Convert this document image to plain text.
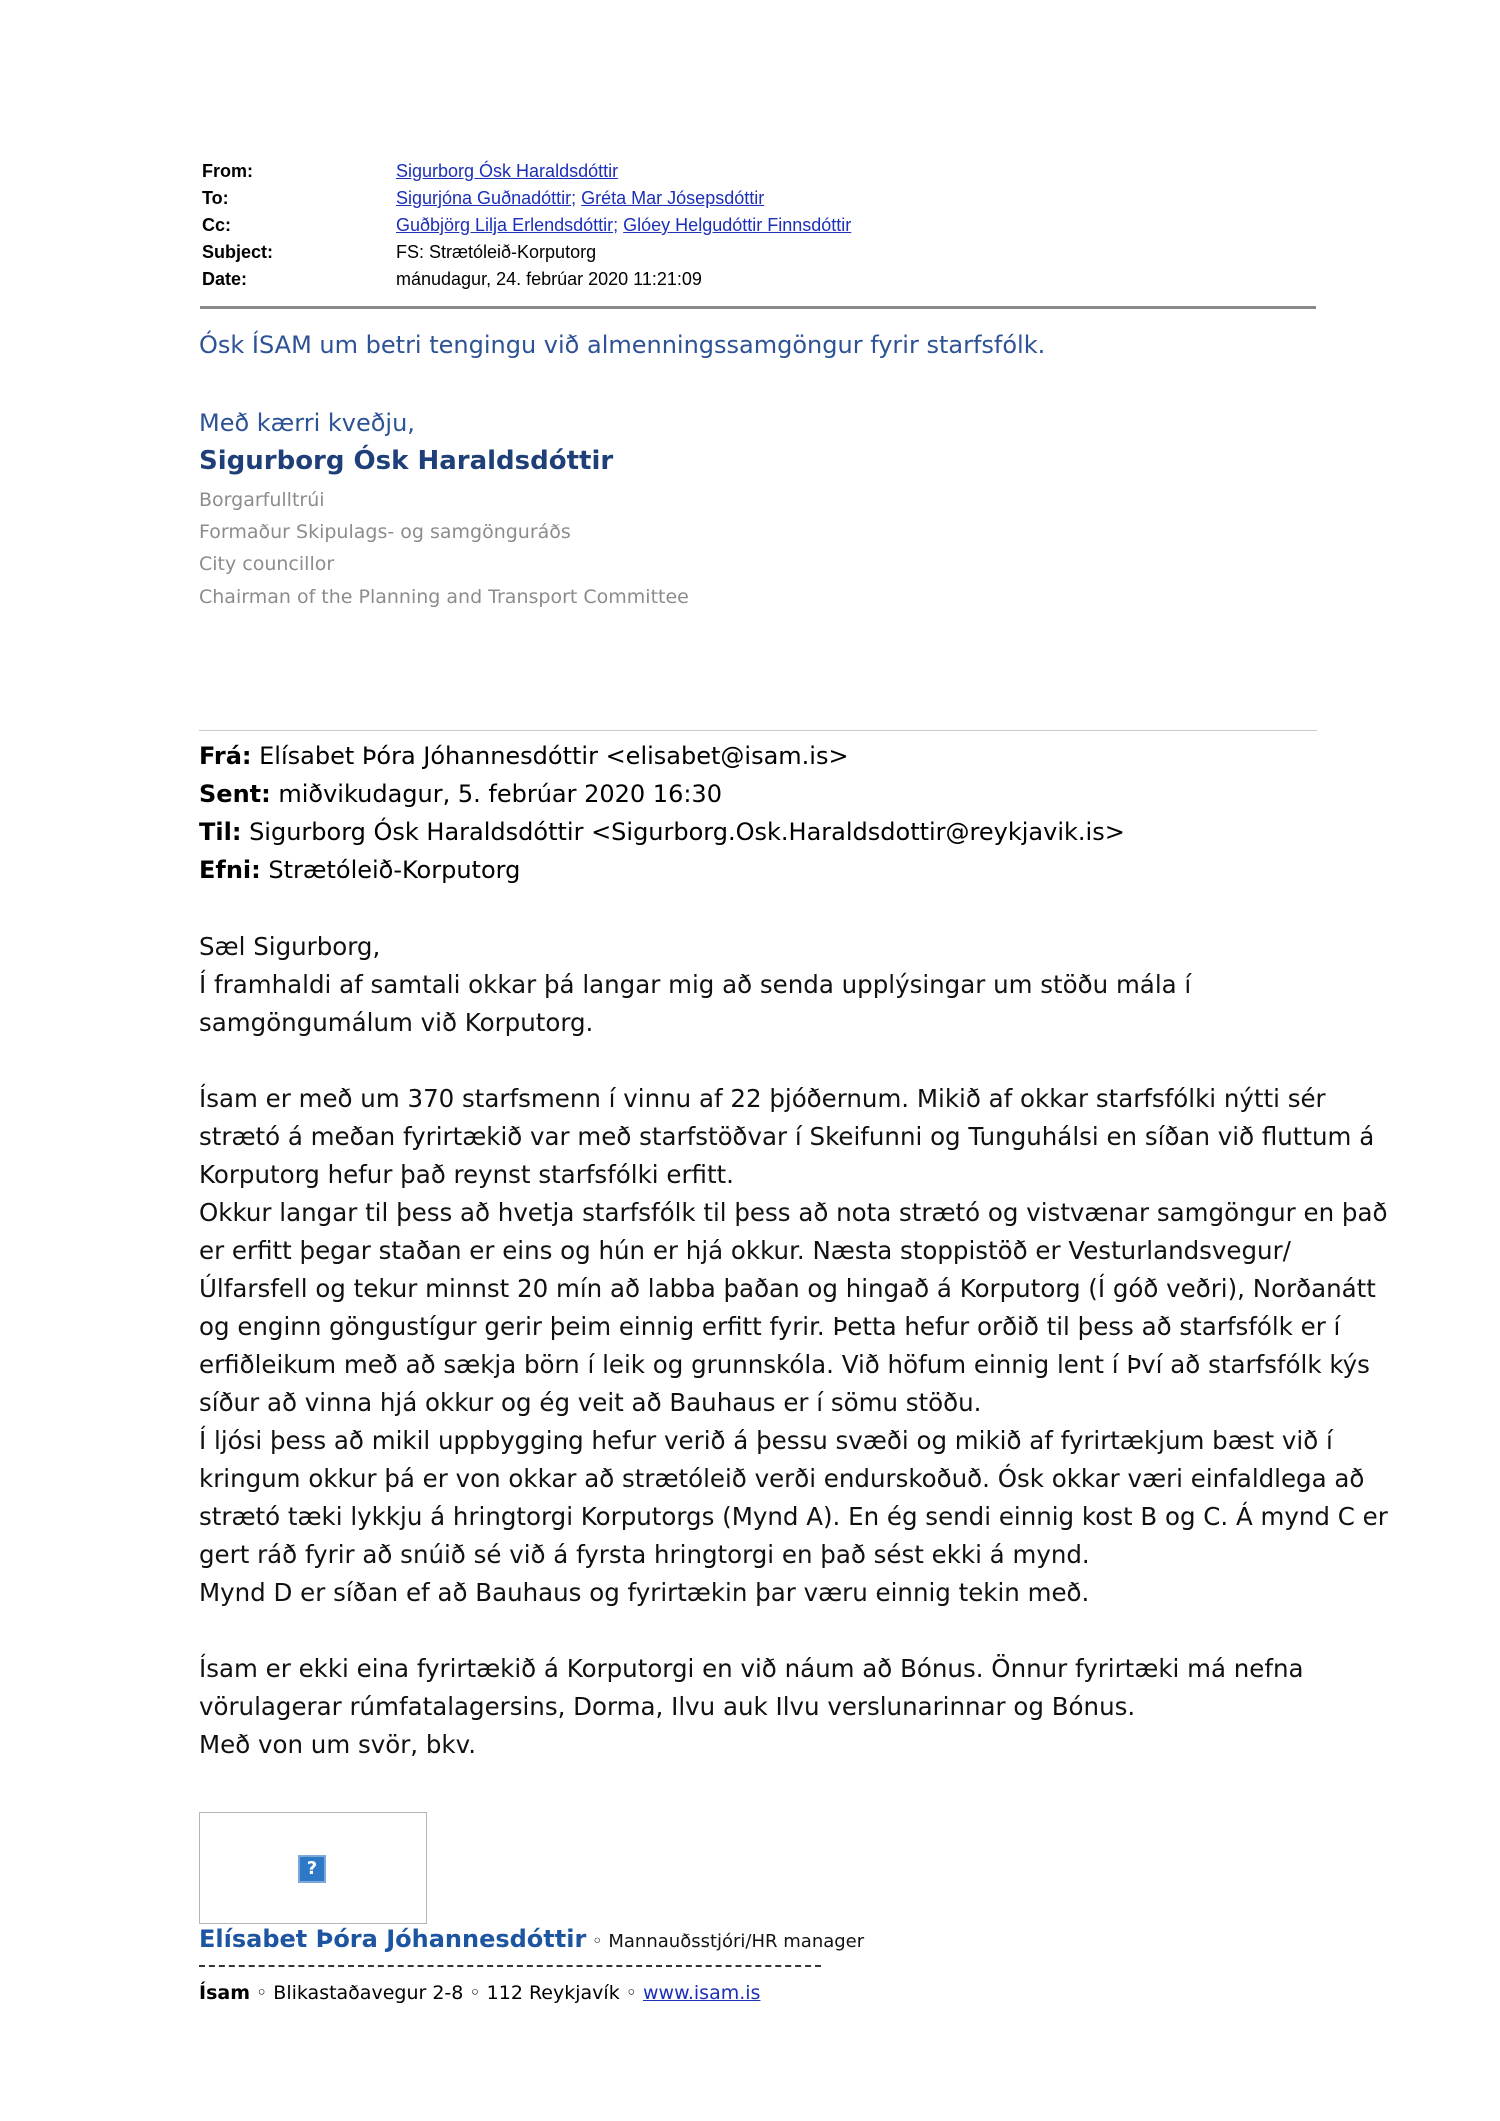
From:	Sigurborg Ósk Haraldsdóttir
To:	Sigurjóna Guðnadóttir; Gréta Mar Jósepsdóttir
Cc:	Guðbjörg Lilja Erlendsdóttir; Glóey Helgudóttir Finnsdóttir
Subject:	FS: Strætóleið-Korputorg
Date:	mánudagur, 24. febrúar 2020 11:21:09
Ósk ÍSAM um betri tengingu við almenningssamgöngur fyrir starfsfólk.
Með kærri kveðju,
Sigurborg Ósk Haraldsdóttir
Borgarfulltrúi
Formaður Skipulags- og samgönguráðs
City councillor
Chairman of the Planning and Transport Committee
Frá: Elísabet Þóra Jóhannesdóttir <elisabet@isam.is>
Sent: miðvikudagur, 5. febrúar 2020 16:30
Til: Sigurborg Ósk Haraldsdóttir <Sigurborg.Osk.Haraldsdottir@reykjavik.is>
Efni: Strætóleið-Korputorg
Sæl Sigurborg,
Í framhaldi af samtali okkar þá langar mig að senda upplýsingar um stöðu mála í
samgöngumálum við Korputorg.
Ísam er með um 370 starfsmenn í vinnu af 22 þjóðernum. Mikið af okkar starfsfólki nýtti sér
strætó á meðan fyrirtækið var með starfstöðvar í Skeifunni og Tunguhálsi en síðan við fluttum á
Korputorg hefur það reynst starfsfólki erfitt.
Okkur langar til þess að hvetja starfsfólk til þess að nota strætó og vistvænar samgöngur en það
er erfitt þegar staðan er eins og hún er hjá okkur. Næsta stoppistöð er Vesturlandsvegur/
Úlfarsfell og tekur minnst 20 mín að labba þaðan og hingað á Korputorg (Í góð veðri), Norðanátt
og enginn göngustígur gerir þeim einnig erfitt fyrir. Þetta hefur orðið til þess að starfsfólk er í
erfiðleikum með að sækja börn í leik og grunnskóla. Við höfum einnig lent í Því að starfsfólk kýs
síður að vinna hjá okkur og ég veit að Bauhaus er í sömu stöðu.
Í ljósi þess að mikil uppbygging hefur verið á þessu svæði og mikið af fyrirtækjum bæst við í
kringum okkur þá er von okkar að strætóleið verði endurskoðuð. Ósk okkar væri einfaldlega að
strætó tæki lykkju á hringtorgi Korputorgs (Mynd A). En ég sendi einnig kost B og C. Á mynd C er
gert ráð fyrir að snúið sé við á fyrsta hringtorgi en það sést ekki á mynd.
Mynd D er síðan ef að Bauhaus og fyrirtækin þar væru einnig tekin með.
Ísam er ekki eina fyrirtækið á Korputorgi en við náum að Bónus. Önnur fyrirtæki má nefna
vörulagerar rúmfatalagersins, Dorma, Ilvu auk Ilvu verslunarinnar og Bónus.
Með von um svör, bkv.
?
Elísabet Þóra Jóhannesdóttir ◦ Mannauðsstjóri/HR manager
Ísam ◦ Blikastaðavegur 2-8 ◦ 112 Reykjavík ◦ www.isam.is
